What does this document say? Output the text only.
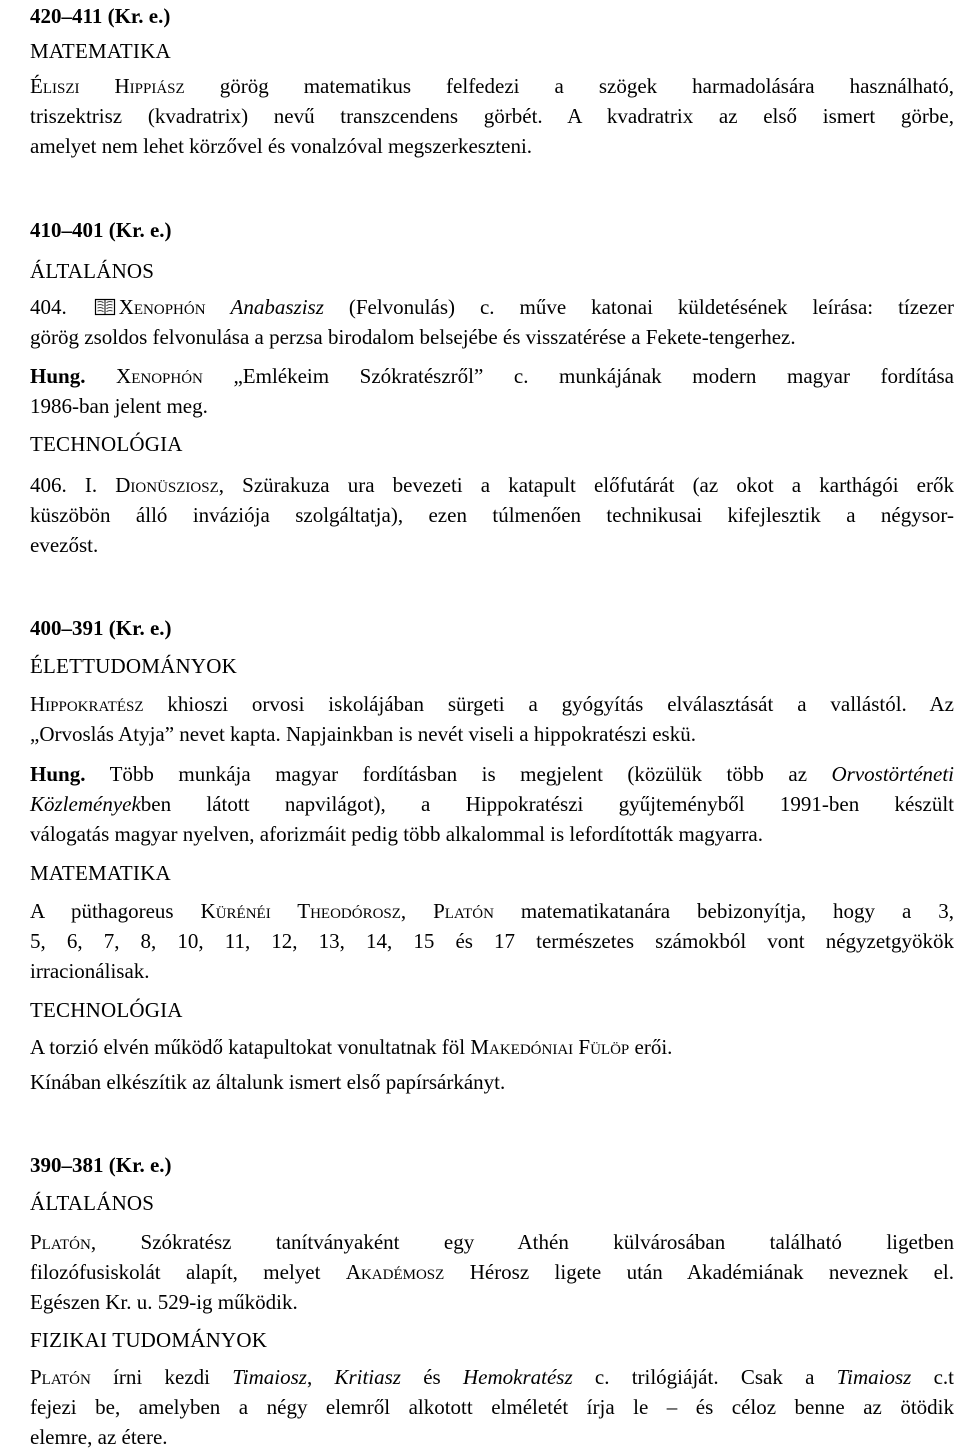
420–411 (Kr. e.)
MATEMATIKA
Éliszi Hippiász görög matematikus felfedezi a szögek harmadolására használható,
triszektrisz (kvadratrix) nevű transzcendens görbét. A kvadratrix az első ismert görbe,
amelyet nem lehet körzővel és vonalzóval megszerkeszteni.
410–401 (Kr. e.)
ÁLTALÁNOS
404. Xenophón Anabaszisz (Felvonulás) c. műve katonai küldetésének leírása: tízezer
görög zsoldos felvonulása a perzsa birodalom belsejébe és visszatérése a Fekete-tengerhez.
Hung. Xenophón „Emlékeim Szókratészről” c. munkájának modern magyar fordítása
1986-ban jelent meg.
TECHNOLÓGIA
406. I. Dionüsziosz, Szürakuza ura bevezeti a katapult előfutárát (az okot a karthágói erők
küszöbön álló inváziója szolgáltatja), ezen túlmenően technikusai kifejlesztik a négysor-
evezőst.
400–391 (Kr. e.)
ÉLETTUDOMÁNYOK
Hippokratész khioszi orvosi iskolájában sürgeti a gyógyítás elválasztását a vallástól. Az
„Orvoslás Atyja” nevet kapta. Napjainkban is nevét viseli a hippokratészi eskü.
Hung. Több munkája magyar fordításban is megjelent (közülük több az Orvostörténeti
Közleményekben látott napvilágot), a Hippokratészi gyűjteményből 1991-ben készült
válogatás magyar nyelven, aforizmáit pedig több alkalommal is lefordították magyarra.
MATEMATIKA
A püthagoreus Kürénéi Theodórosz, Platón matematikatanára bebizonyítja, hogy a 3,
5, 6, 7, 8, 10, 11, 12, 13, 14, 15 és 17 természetes számokból vont négyzetgyökök
irracionálisak.
TECHNOLÓGIA
A torzió elvén működő katapultokat vonultatnak föl Makedóniai Fülöp erői.
Kínában elkészítik az általunk ismert első papírsárkányt.
390–381 (Kr. e.)
ÁLTALÁNOS
Platón, Szókratész tanítványaként egy Athén külvárosában található ligetben
filozófusiskolát alapít, melyet Akadémosz Hérosz ligete után Akadémiának neveznek el.
Egészen Kr. u. 529-ig működik.
FIZIKAI TUDOMÁNYOK
Platón írni kezdi Timaiosz, Kritiasz és Hemokratész c. trilógiáját. Csak a Timaiosz c.t
fejezi be, amelyben a négy elemről alkotott elméletét írja le – és céloz benne az ötödik
elemre, az étere.
